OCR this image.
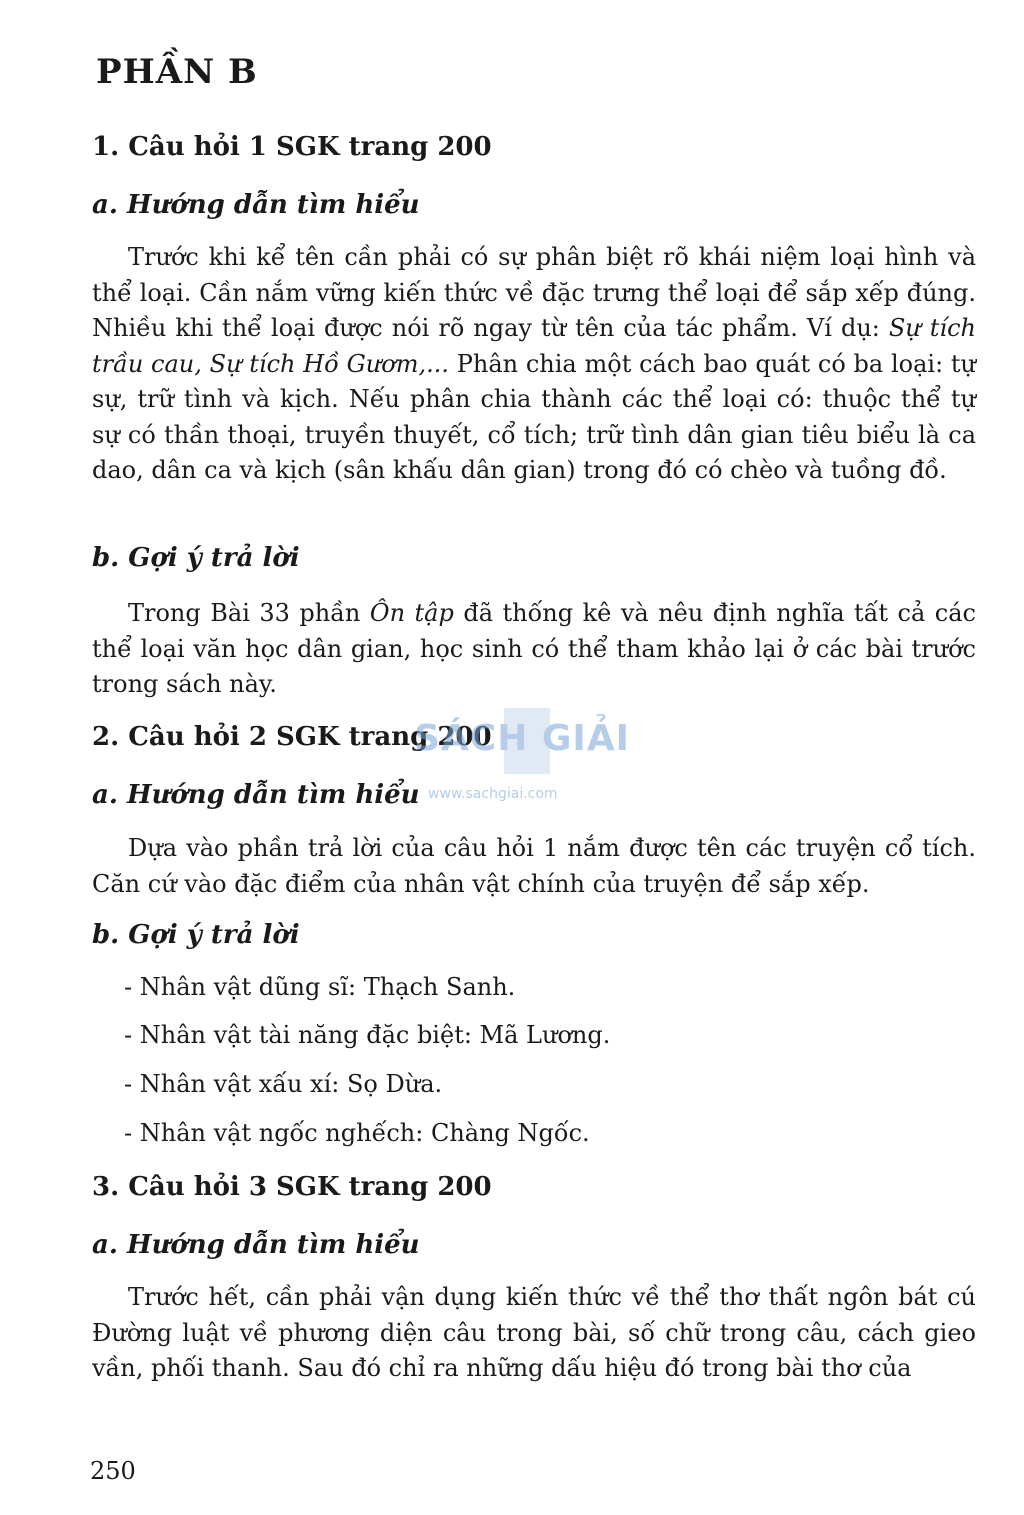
PHẦN B
1. Câu hỏi 1 SGK trang 200
a. Hướng dẫn tìm hiểu

Trước khi kể tên cần phải có sự phân biệt rõ khái niệm loại hình và thể loại. Cần nắm vững kiến thức về đặc trưng thể loại để sắp xếp đúng. Nhiều khi thể loại được nói rõ ngay từ tên của tác phẩm. Ví dụ: Sự tích trầu cau, Sự tích Hồ Gươm,... Phân chia một cách bao quát có ba loại: tự sự, trữ tình và kịch. Nếu phân chia thành các thể loại có: thuộc thể tự sự có thần thoại, truyền thuyết, cổ tích; trữ tình dân gian tiêu biểu là ca dao, dân ca và kịch (sân khấu dân gian) trong đó có chèo và tuồng đồ.

b. Gợi ý trả lời

Trong Bài 33 phần Ôn tập đã thống kê và nêu định nghĩa tất cả các thể loại văn học dân gian, học sinh có thể tham khảo lại ở các bài trước trong sách này.

2. Câu hỏi 2 SGK trang 200
a. Hướng dẫn tìm hiểu

Dựa vào phần trả lời của câu hỏi 1 nắm được tên các truyện cổ tích. Căn cứ vào đặc điểm của nhân vật chính của truyện để sắp xếp.

b. Gợi ý trả lời

- Nhân vật dũng sĩ: Thạch Sanh.

- Nhân vật tài năng đặc biệt: Mã Lương.

- Nhân vật xấu xí: Sọ Dừa.

- Nhân vật ngốc nghếch: Chàng Ngốc.

3. Câu hỏi 3 SGK trang 200
a. Hướng dẫn tìm hiểu

Trước hết, cần phải vận dụng kiến thức về thể thơ thất ngôn bát cú Đường luật về phương diện câu trong bài, số chữ trong câu, cách gieo vần, phối thanh. Sau đó chỉ ra những dấu hiệu đó trong bài thơ của

SÁCH GIẢI
www.sachgiai.com

250
